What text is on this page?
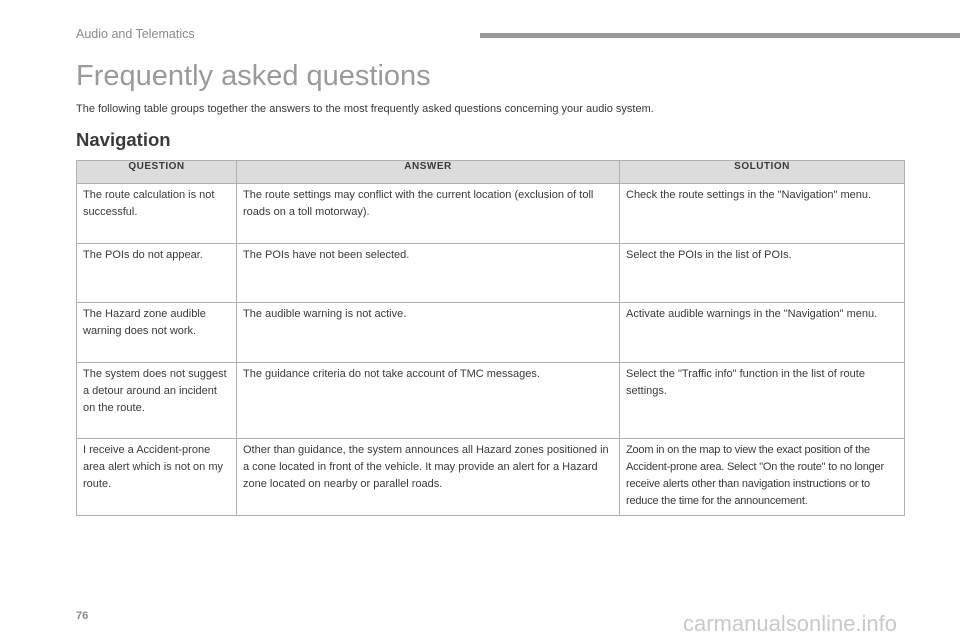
Audio and Telematics
Frequently asked questions
The following table groups together the answers to the most frequently asked questions concerning your audio system.
Navigation
QUESTION	ANSWER	SOLUTION
The route calculation is not successful.	The route settings may conflict with the current location (exclusion of toll roads on a toll motorway).	Check the route settings in the "Navigation" menu.
The POIs do not appear.	The POIs have not been selected.	Select the POIs in the list of POIs.
The Hazard zone audible warning does not work.	The audible warning is not active.	Activate audible warnings in the "Navigation" menu.
The system does not suggest a detour around an incident on the route.	The guidance criteria do not take account of TMC messages.	Select the "Traffic info" function in the list of route settings.
I receive a Accident-prone area alert which is not on my route.	Other than guidance, the system announces all Hazard zones positioned in a cone located in front of the vehicle. It may provide an alert for a Hazard zone located on nearby or parallel roads.	Zoom in on the map to view the exact position of the Accident-prone area. Select "On the route" to no longer receive alerts other than navigation instructions or to reduce the time for the announcement.
76	carmanualsonline.info
